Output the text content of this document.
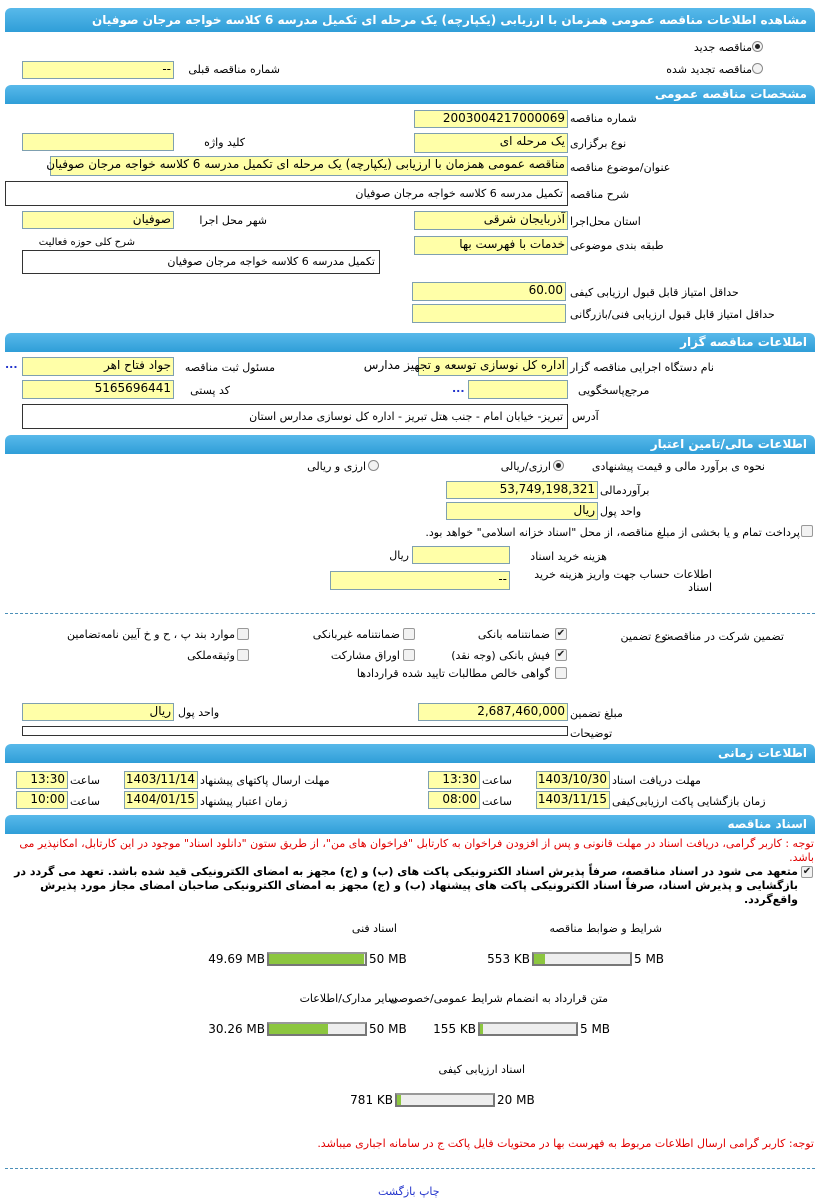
مشاهده اطلاعات مناقصه عمومی همزمان با ارزیابی (یکپارچه) یک مرحله ای تکمیل مدرسه 6 کلاسه خواجه مرجان صوفیان
مناقصه جدید
مناقصه تجدید شده
شماره مناقصه قبلی
--
مشخصات مناقصه عمومی
شماره مناقصه
2003004217000069
نوع برگزاری
یک مرحله ای
کلید واژه
عنوان/موضوع مناقصه
مناقصه عمومی همزمان با ارزیابی (یکپارچه) یک مرحله ای تکمیل مدرسه 6 کلاسه خواجه مرجان صوفیان
شرح مناقصه
تکمیل مدرسه 6 کلاسه خواجه مرجان صوفیان
استان محل‌اجرا
آذربایجان شرقی
شهر محل اجرا
صوفیان
طبقه بندی موضوعی
خدمات با فهرست بها
شرح کلی حوزه فعالیت
تکمیل مدرسه 6 کلاسه خواجه مرجان صوفیان
حداقل امتیاز قابل قبول ارزیابی کیفی
60.00
حداقل امتیاز قابل قبول ارزیابی فنی/بازرگانی
اطلاعات مناقصه گزار
نام دستگاه اجرایی مناقصه گزار
اداره کل نوسازی توسعه و تجهیز مدارس
مسئول ثبت مناقصه
جواد فتاح اهر
...
مرجع‌پاسخگویی
...
کد پستی
5165696441
آدرس
تبریز- خیابان امام - جنب هتل تبریز - اداره کل نوسازی مدارس استان
اطلاعات مالی/تامین اعتبار
نحوه ی برآورد مالی و قیمت پیشنهادی
ارزی/ریالی
ارزی و ریالی
برآوردمالی
53,749,198,321
واحد پول
ریال
پرداخت تمام و یا بخشی از مبلغ مناقصه، از محل "اسناد خزانه اسلامی" خواهد بود.
هزینه خرید اسناد
ریال
اطلاعات حساب جهت واریز هزینه خرید اسناد
--
تضمین شرکت در مناقصه:
نوع تضمین
✔
ضمانتنامه بانکی
ضمانتنامه غیربانکی
موارد بند پ ، ح و خ آیین نامه‌تضامین
✔
فیش بانکی (وجه نقد)
اوراق مشارکت
وثیقه‌ملکی
گواهی خالص مطالبات تایید شده قراردادها
مبلغ تضمین
2,687,460,000
واحد پول
ریال
توضیحات
اطلاعات زمانی
مهلت دریافت اسناد
1403/10/30
ساعت
13:30
مهلت ارسال پاکتهای پیشنهاد
1403/11/14
ساعت
13:30
زمان بازگشایی پاکت ارزیابی‌کیفی
1403/11/15
ساعت
08:00
زمان اعتبار پیشنهاد
1404/01/15
ساعت
10:00
اسناد مناقصه
توجه : کاربر گرامی، دریافت اسناد در مهلت قانونی و پس از افزودن فراخوان به کارتابل "فراخوان های من"، از طریق ستون "دانلود اسناد" موجود در این کارتابل، امکانپذیر می باشد.
✔
متعهد می شود در اسناد مناقصه، صرفاً پذیرش اسناد الکترونیکی پاکت های (ب) و (ج) مجهز به امضای الکترونیکی قید شده باشد. تعهد می گردد در بازگشایی و پذیرش اسناد، صرفاً اسناد الکترونیکی پاکت های پیشنهاد (ب) و (ج) مجهز به امضای الکترونیکی صاحبان امضای مجاز مورد پذیرش واقع‌گردد.
شرایط و ضوابط مناقصه
5 MB
553 KB
اسناد فنی
50 MB
49.69 MB
متن قرارداد به انضمام شرایط عمومی/خصوصی
5 MB
155 KB
سایر مدارک/اطلاعات
50 MB
30.26 MB
اسناد ارزیابی کیفی
20 MB
781 KB
توجه: کاربر گرامی ارسال اطلاعات مربوط به فهرست بها در محتویات فایل پاکت ج در سامانه اجباری میباشد.
چاپ بازگشت
